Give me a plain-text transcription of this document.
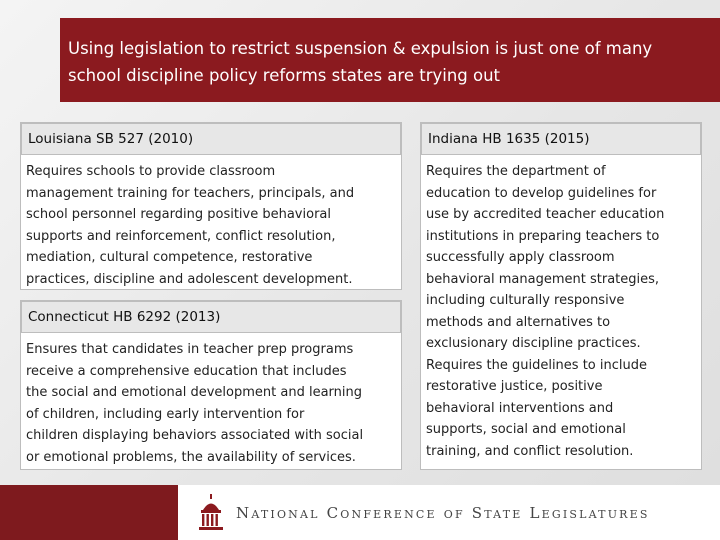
Using legislation to restrict suspension & expulsion is just one of many
school discipline policy reforms states are trying out
Louisiana SB 527 (2010)
Requires schools to provide classroom
management training for teachers, principals, and
school personnel regarding positive behavioral
supports and reinforcement, conflict resolution,
mediation, cultural competence, restorative
practices, discipline and adolescent development.
Connecticut HB 6292 (2013)
Ensures that candidates in teacher prep programs
receive a comprehensive education that includes
the social and emotional development and learning
of children, including early intervention for
children displaying behaviors associated with social
or emotional problems, the availability of services.
Indiana HB 1635 (2015)
Requires the department of
education to develop guidelines for
use by accredited teacher education
institutions in preparing teachers to
successfully apply classroom
behavioral management strategies,
including culturally responsive
methods and alternatives to
exclusionary discipline practices.
Requires the guidelines to include
restorative justice, positive
behavioral interventions and
supports, social and emotional
training, and conflict resolution.
National Conference of State Legislatures
